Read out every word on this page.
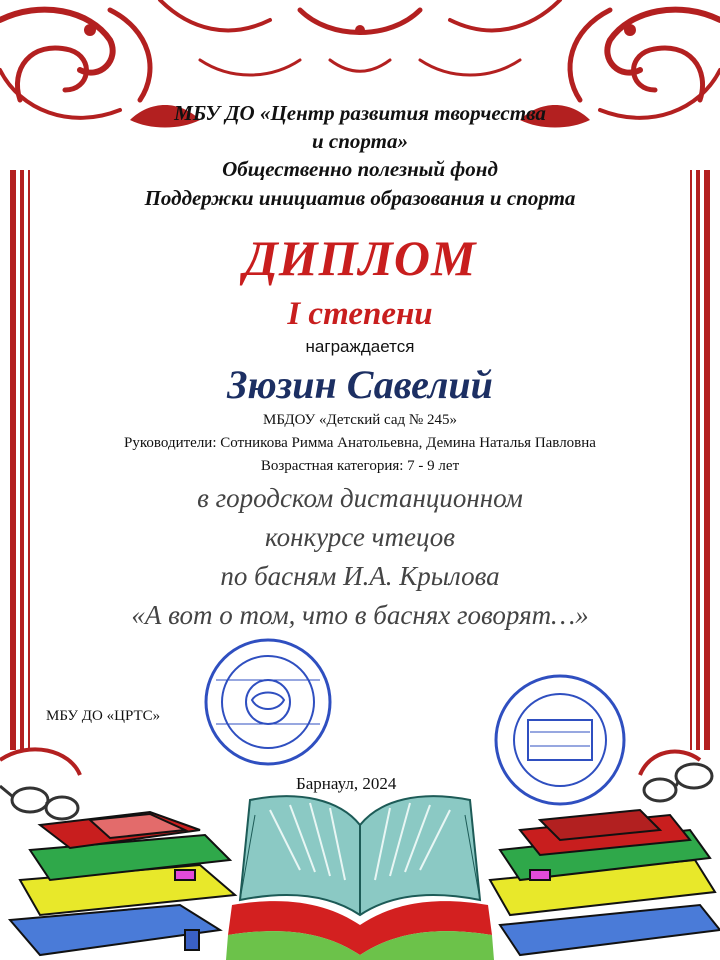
МБУ ДО «Центр развития творчества

и спорта»

Общественно полезный фонд

Поддержки инициатив образования и спорта

ДИПЛОМ

I степени

награждается

Зюзин Савелий

МБДОУ «Детский сад № 245»

Руководители: Сотникова Римма Анатольевна, Демина Наталья Павловна

Возрастная категория: 7 - 9 лет

в городском дистанционном

конкурсе чтецов

по басням И.А. Крылова

«А вот о том, что в баснях говорят…»

МБУ ДО «ЦРТС»
Барнаул, 2024
